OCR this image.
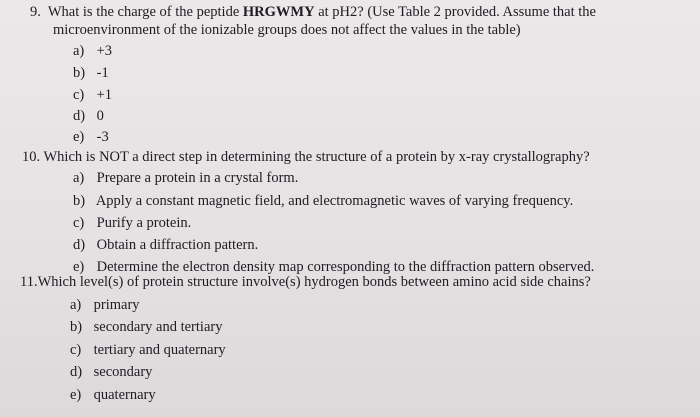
9. What is the charge of the peptide HRGWMY at pH2? (Use Table 2 provided. Assume that the
microenvironment of the ionizable groups does not affect the values in the table)
a) +3
b) -1
c) +1
d) 0
e) -3
10. Which is NOT a direct step in determining the structure of a protein by x-ray crystallography?
a) Prepare a protein in a crystal form.
b) Apply a constant magnetic field, and electromagnetic waves of varying frequency.
c) Purify a protein.
d) Obtain a diffraction pattern.
e) Determine the electron density map corresponding to the diffraction pattern observed.
11.Which level(s) of protein structure involve(s) hydrogen bonds between amino acid side chains?
a) primary
b) secondary and tertiary
c) tertiary and quaternary
d) secondary
e) quaternary
